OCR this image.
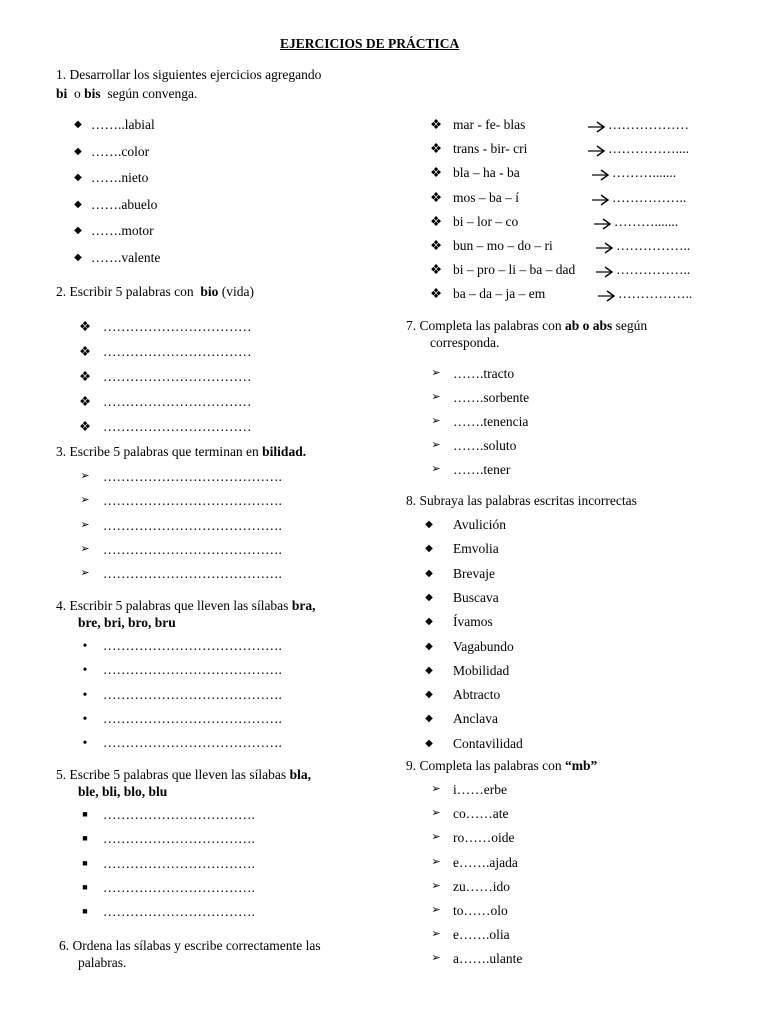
EJERCICIOS DE PRÁCTICA
1. Desarrollar los siguientes ejercicios agregando
bi o bis según convenga.
◆ ……..labial
◆ …….color
◆ …….nieto
◆ …….abuelo
◆ …….motor
◆ …….valente
2. Escribir 5 palabras con bio (vida)
❖ ……………………………
❖ ……………………………
❖ ……………………………
❖ ……………………………
❖ ……………………………
3. Escribe 5 palabras que terminan en bilidad.
➢ ………………………………….
➢ ………………………………….
➢ ………………………………….
➢ ………………………………….
➢ ………………………………….
4. Escribir 5 palabras que lleven las sílabas bra,
bre, bri, bro, bru
•	………………………………….
•	………………………………….
•	………………………………….
•	………………………………….
•	………………………………….
5. Escribe 5 palabras que lleven las sílabas bla,
ble, bli, blo, blu
■	…………………………….
■	…………………………….
■	…………………………….
■	…………………………….
■	…………………………….
6. Ordena las sílabas y escribe correctamente las
palabras.
❖ mar - fe- blas	………………
❖ trans - bir- cri	……………....
❖ bla – ha - ba	……….......
❖ mos – ba – í	……………..
❖ bi – lor – co	……….......
❖ bun – mo – do – ri	……………..
❖ bi – pro – li – ba – dad	……………..
❖ ba – da – ja – em	……………..
7. Completa las palabras con ab o abs según
corresponda.
➢ …….tracto
➢ …….sorbente
➢ …….tenencia
➢ …….soluto
➢ …….tener
8. Subraya las palabras escritas incorrectas
◆ Avulición
◆ Emvolia
◆ Brevaje
◆ Buscava
◆ Ívamos
◆ Vagabundo
◆ Mobilidad
◆ Abtracto
◆ Anclava
◆ Contavilidad
9. Completa las palabras con “mb”
➢ i……erbe
➢ co……ate
➢ ro……oide
➢ e…….ajada
➢ zu……ido
➢ to……olo
➢ e…….olia
➢ a…….ulante
